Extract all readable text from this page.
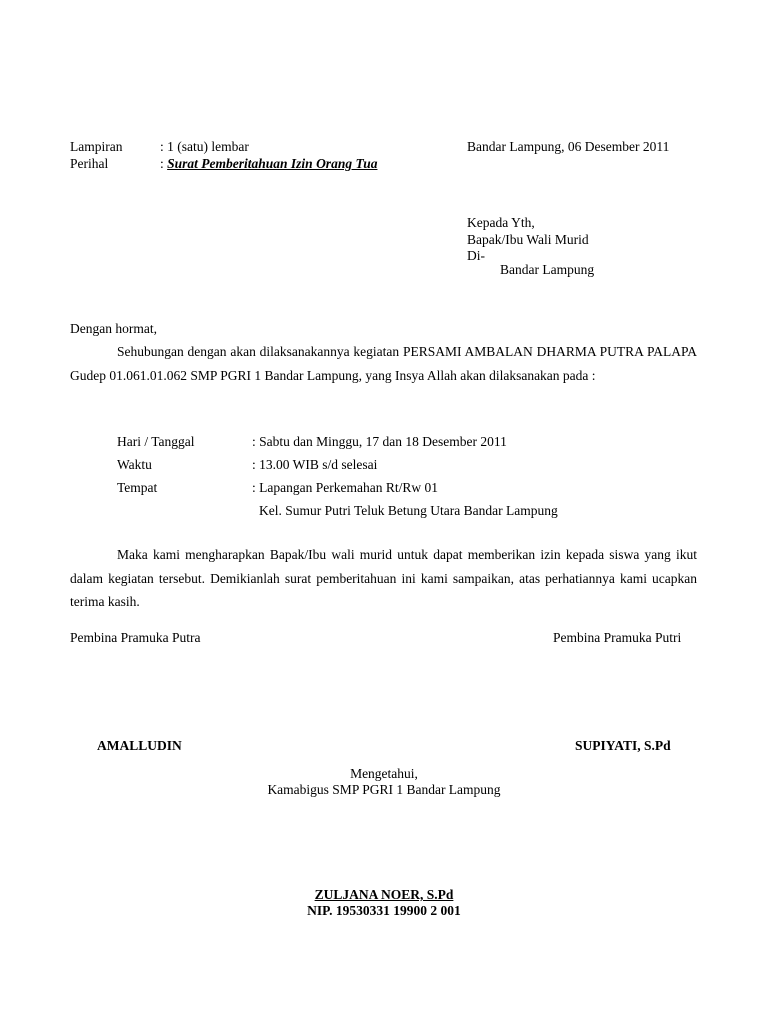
Lampiran	: 1 (satu) lembar	Bandar Lampung, 06 Desember 2011
Perihal	: Surat Pemberitahuan Izin Orang Tua
Kepada Yth,
Bapak/Ibu Wali Murid
Di-
Bandar Lampung
Dengan hormat,
Sehubungan dengan akan dilaksanakannya kegiatan PERSAMI AMBALAN DHARMA PUTRA PALAPA Gudep 01.061.01.062 SMP PGRI 1 Bandar Lampung, yang Insya Allah akan dilaksanakan pada :
Hari / Tanggal	: Sabtu dan Minggu, 17 dan 18 Desember 2011
Waktu	: 13.00 WIB s/d selesai
Tempat	: Lapangan Perkemahan Rt/Rw 01
Kel. Sumur Putri Teluk Betung Utara Bandar Lampung
Maka kami mengharapkan Bapak/Ibu wali murid untuk dapat memberikan izin kepada siswa yang ikut dalam kegiatan tersebut. Demikianlah surat pemberitahuan ini kami sampaikan, atas perhatiannya kami ucapkan terima kasih.
Pembina Pramuka Putra	Pembina Pramuka Putri
AMALLUDIN	SUPIYATI, S.Pd
Mengetahui,
Kamabigus SMP PGRI 1 Bandar Lampung
ZULJANA NOER, S.Pd
NIP. 19530331 19900 2 001
